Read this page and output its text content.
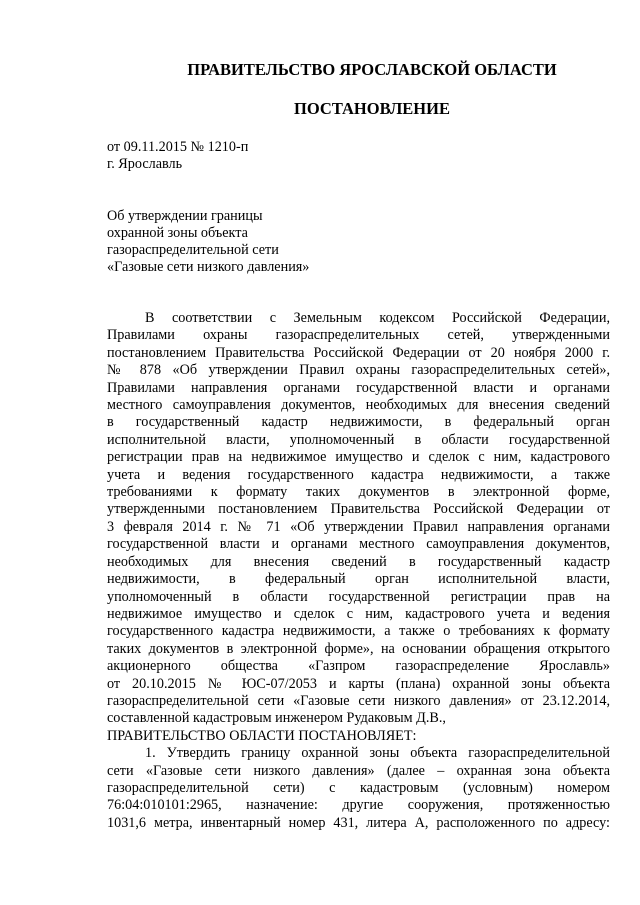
ПРАВИТЕЛЬСТВО ЯРОСЛАВСКОЙ ОБЛАСТИ
ПОСТАНОВЛЕНИЕ
от 09.11.2015 № 1210-п
г. Ярославль
Об утверждении границы
охранной зоны объекта
газораспределительной сети
«Газовые сети низкого давления»
В соответствии с Земельным кодексом Российской Федерации,
Правилами охраны газораспределительных сетей, утвержденными
постановлением Правительства Российской Федерации от 20 ноября 2000 г.
№ 878 «Об утверждении Правил охраны газораспределительных сетей»,
Правилами направления органами государственной власти и органами
местного самоуправления документов, необходимых для внесения сведений
в государственный кадастр недвижимости, в федеральный орган
исполнительной власти, уполномоченный в области государственной
регистрации прав на недвижимое имущество и сделок с ним, кадастрового
учета и ведения государственного кадастра недвижимости, а также
требованиями к формату таких документов в электронной форме,
утвержденными постановлением Правительства Российской Федерации от
3 февраля 2014 г. № 71 «Об утверждении Правил направления органами
государственной власти и органами местного самоуправления документов,
необходимых для внесения сведений в государственный кадастр
недвижимости, в федеральный орган исполнительной власти,
уполномоченный в области государственной регистрации прав на
недвижимое имущество и сделок с ним, кадастрового учета и ведения
государственного кадастра недвижимости, а также о требованиях к формату
таких документов в электронной форме», на основании обращения открытого
акционерного общества «Газпром газораспределение Ярославль»
от 20.10.2015 № ЮС-07/2053 и карты (плана) охранной зоны объекта
газораспределительной сети «Газовые сети низкого давления» от 23.12.2014,
составленной кадастровым инженером Рудаковым Д.В.,
ПРАВИТЕЛЬСТВО ОБЛАСТИ ПОСТАНОВЛЯЕТ:
1. Утвердить границу охранной зоны объекта газораспределительной
сети «Газовые сети низкого давления» (далее – охранная зона объекта
газораспределительной сети) с кадастровым (условным) номером
76:04:010101:2965, назначение: другие сооружения, протяженностью
1031,6 метра, инвентарный номер 431, литера А, расположенного по адресу:
